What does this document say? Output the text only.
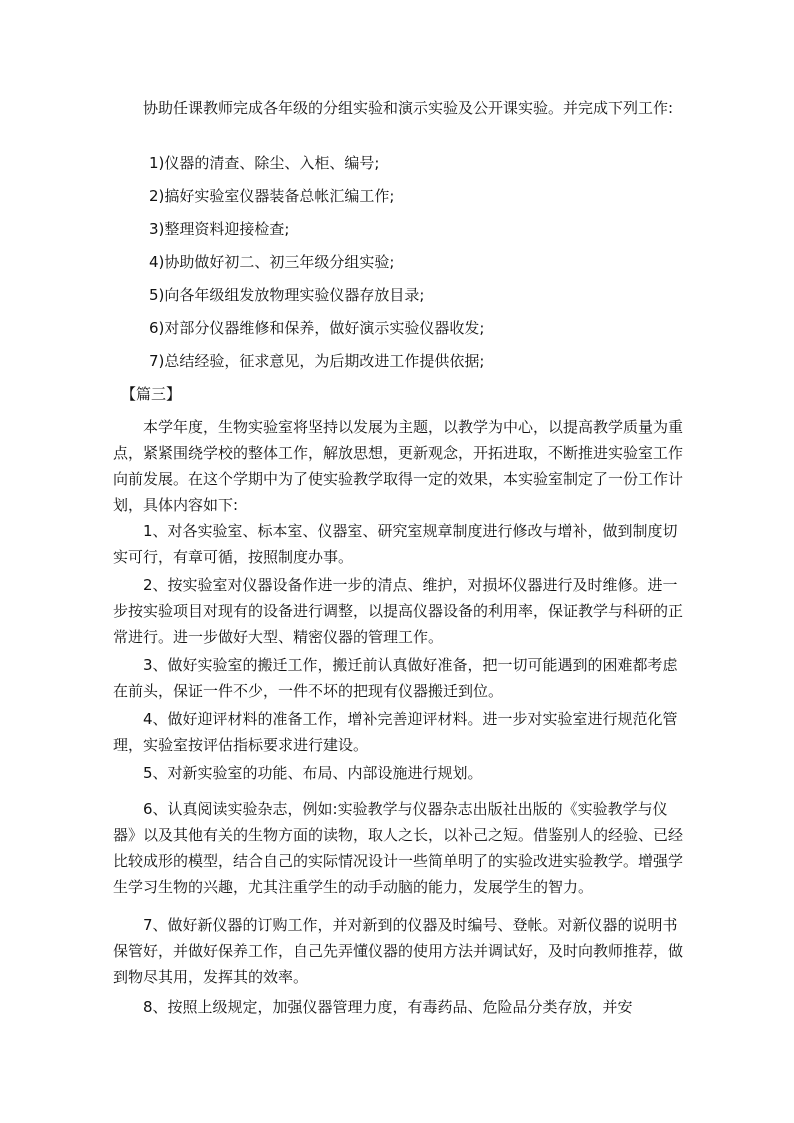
协助任课教师完成各年级的分组实验和演示实验及公开课实验。并完成下列工作:

1)仪器的清查、除尘、入柜、编号;

2)搞好实验室仪器装备总帐汇编工作;

3)整理资料迎接检查;

4)协助做好初二、初三年级分组实验;

5)向各年级组发放物理实验仪器存放目录;

6)对部分仪器维修和保养，做好演示实验仪器收发;

7)总结经验，征求意见，为后期改进工作提供依据;

【篇三】

本学年度，生物实验室将坚持以发展为主题，以教学为中心，以提高教学质量为重点，紧紧围绕学校的整体工作，解放思想，更新观念，开拓进取，不断推进实验室工作向前发展。在这个学期中为了使实验教学取得一定的效果，本实验室制定了一份工作计划，具体内容如下:

1、对各实验室、标本室、仪器室、研究室规章制度进行修改与增补，做到制度切实可行，有章可循，按照制度办事。

2、按实验室对仪器设备作进一步的清点、维护，对损坏仪器进行及时维修。进一步按实验项目对现有的设备进行调整，以提高仪器设备的利用率，保证教学与科研的正常进行。进一步做好大型、精密仪器的管理工作。

3、做好实验室的搬迁工作，搬迁前认真做好准备，把一切可能遇到的困难都考虑在前头，保证一件不少，一件不坏的把现有仪器搬迁到位。

4、做好迎评材料的准备工作，增补完善迎评材料。进一步对实验室进行规范化管理，实验室按评估指标要求进行建设。

5、对新实验室的功能、布局、内部设施进行规划。

6、认真阅读实验杂志，例如:实验教学与仪器杂志出版社出版的《实验教学与仪器》以及其他有关的生物方面的读物，取人之长，以补己之短。借鉴别人的经验、已经比较成形的模型，结合自己的实际情况设计一些简单明了的实验改进实验教学。增强学生学习生物的兴趣，尤其注重学生的动手动脑的能力，发展学生的智力。

7、做好新仪器的订购工作，并对新到的仪器及时编号、登帐。对新仪器的说明书保管好，并做好保养工作，自己先弄懂仪器的使用方法并调试好，及时向教师推荐，做到物尽其用，发挥其的效率。

8、按照上级规定，加强仪器管理力度，有毒药品、危险品分类存放，并安
